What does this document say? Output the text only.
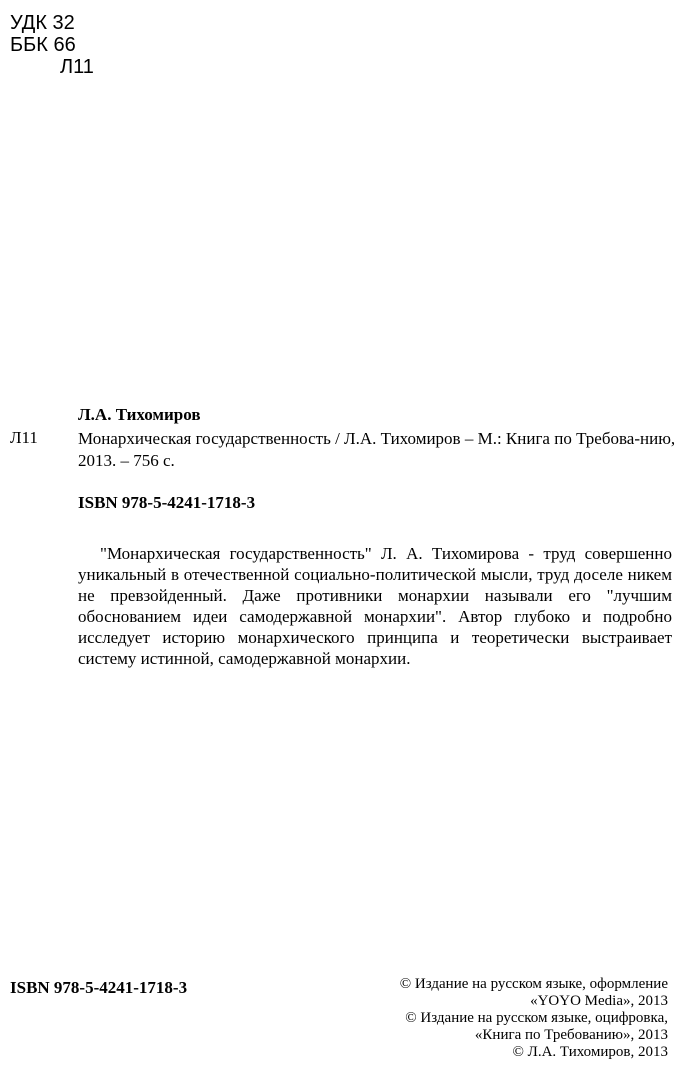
УДК 32
ББК 66
Л11
Л.А. Тихомиров
Л11 Монархическая государственность / Л.А. Тихомиров – М.: Книга по Требова-нию, 2013. – 756 с.
ISBN 978-5-4241-1718-3
"Монархическая государственность" Л. А. Тихомирова - труд совершенно уникальный в отечественной социально-политической мысли, труд доселе никем не превзойденный. Даже противники монархии называли его "лучшим обоснованием идеи самодержавной монархии". Автор глубоко и подробно исследует историю монархического принципа и теоретически выстраивает систему истинной, самодержавной монархии.
ISBN 978-5-4241-1718-3	© Издание на русском языке, оформление
«YOYO Media», 2013
© Издание на русском языке, оцифровка,
«Книга по Требованию», 2013
© Л.А. Тихомиров, 2013
